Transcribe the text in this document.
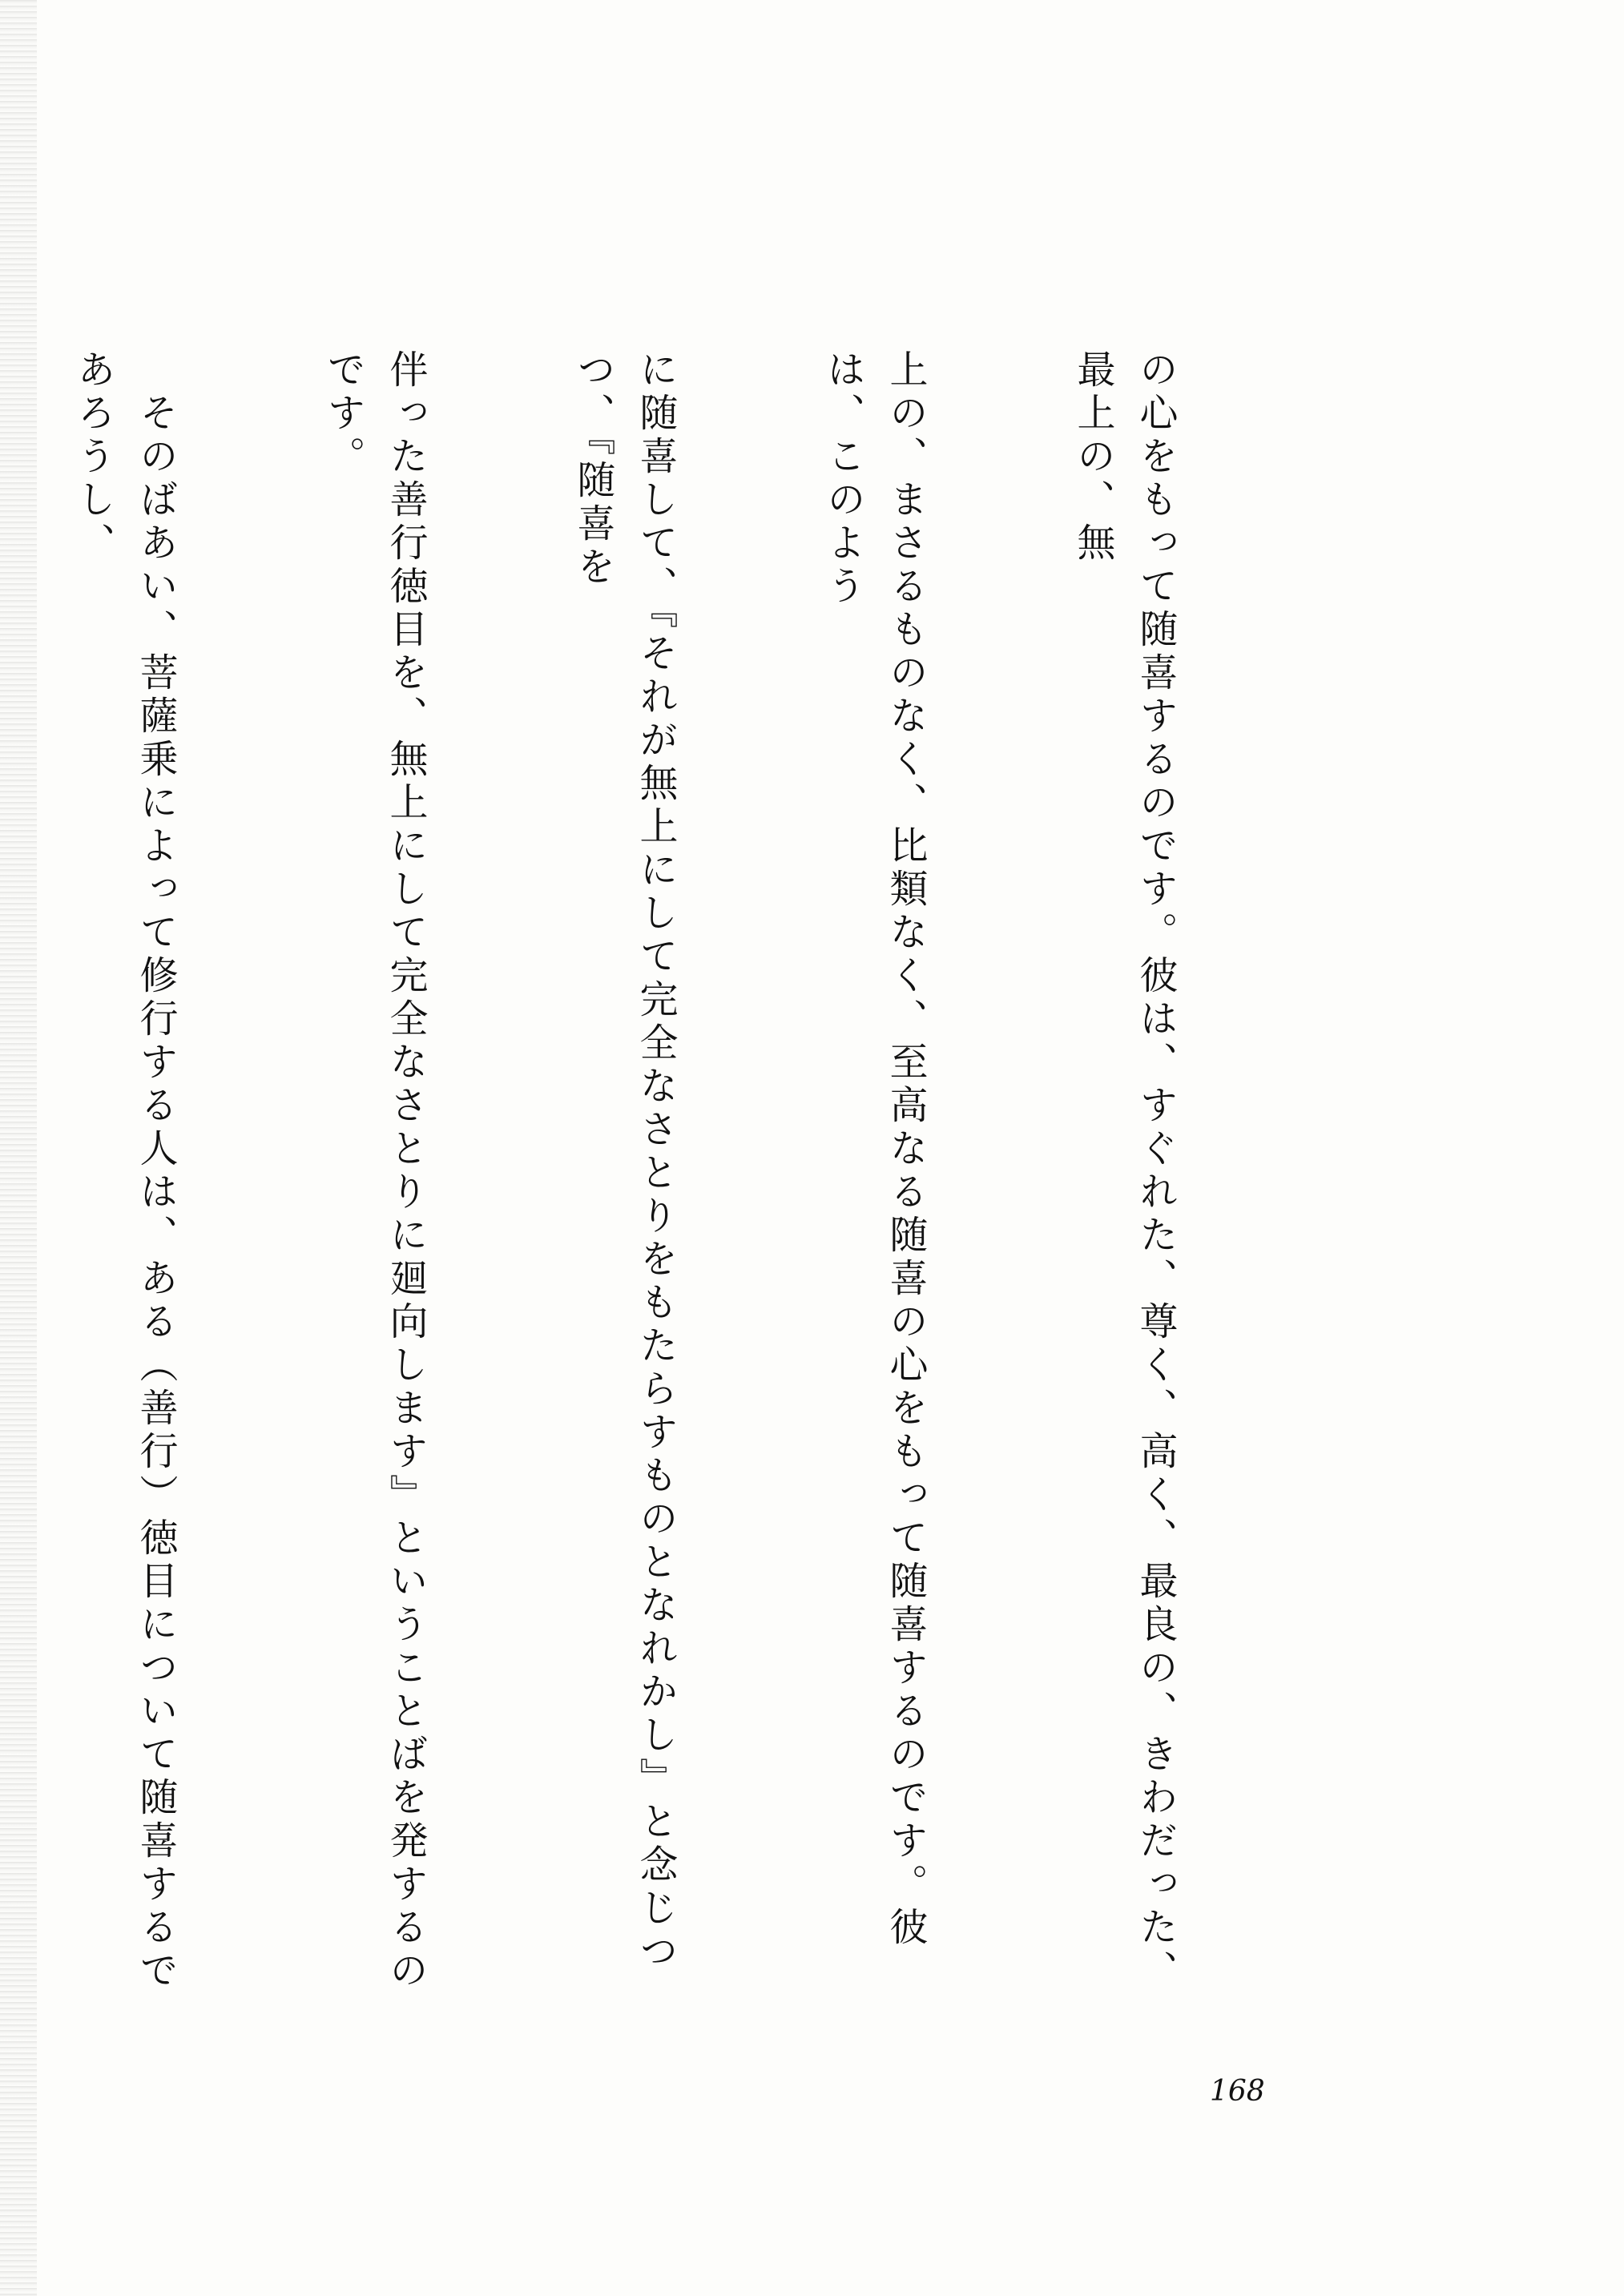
の心をもって随喜するのです。彼は、すぐれた、尊く、高く、最良の、きわだった、最上の、無

上の、まさるものなく、比類なく、至高なる随喜の心をもって随喜するのです。彼は、このよう

に随喜して、『それが無上にして完全なさとりをもたらすものとなれかし』と念じつつ、『随喜を

伴った善行徳目を、無上にして完全なさとりに廻向します』ということばを発するのです。

　そのばあい、菩薩乗によって修行する人は、ある（善行）徳目について随喜するであろうし、

168
